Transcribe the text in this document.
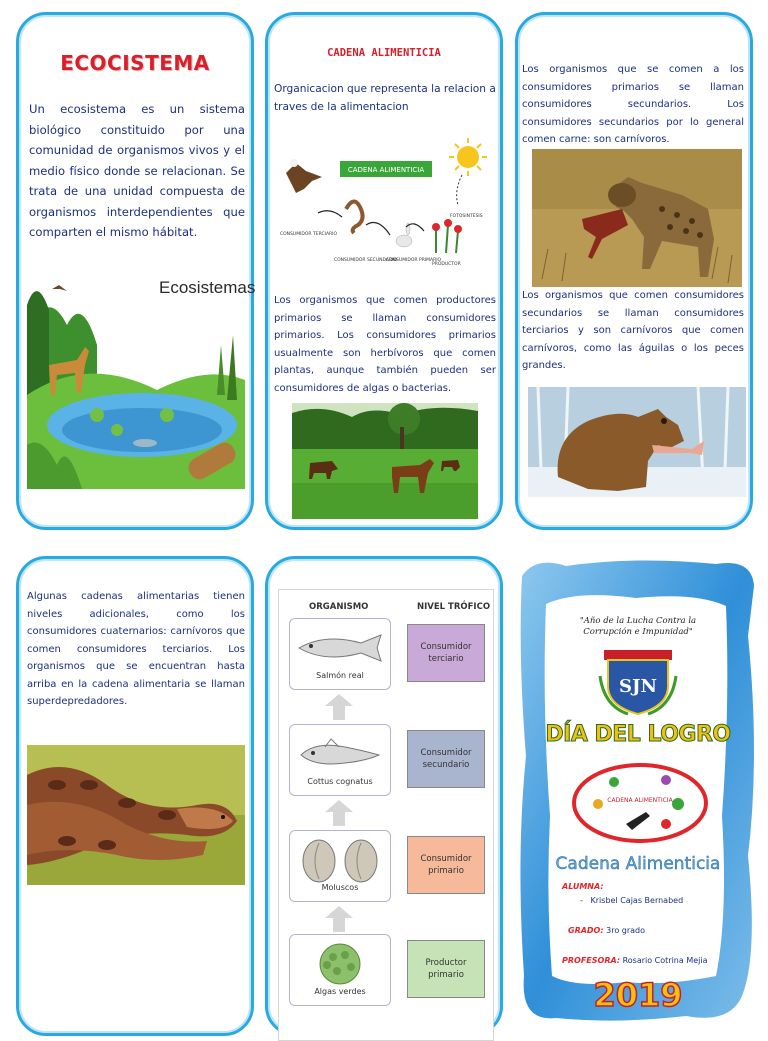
ECOCISTEMA
Un ecosistema es un sistema biológico constituido por una comunidad de organismos vivos y el medio físico donde se relacionan. Se trata de una unidad compuesta de organismos interdependientes que comparten el mismo hábitat.
Ecosistemas
CADENA ALIMENTICIA
Organicacion que representa la relacion a traves de la alimentacion
CADENA ALIMENTICIA
FOTOSINTESIS
CONSUMIDOR TERCIARIO
CONSUMIDOR SECUNDARIO
CONSUMIDOR PRIMARIO
PRODUCTOR
Los organismos que comen productores primarios se llaman consumidores primarios. Los consumidores primarios usualmente son herbívoros que comen plantas, aunque también pueden ser consumidores de algas o bacterias.
Los organismos que se comen a los consumidores primarios se llaman consumidores secundarios. Los consumidores secundarios por lo general comen carne: son carnívoros.
Los organismos que comen consumidores secundarios se llaman consumidores terciarios y son carnívoros que comen carnívoros, como las águilas o los peces grandes.
Algunas cadenas alimentarias tienen niveles adicionales, como los consumidores cuaternarios: carnívoros que comen consumidores terciarios. Los organismos que se encuentran hasta arriba en la cadena alimentaria se llaman superdepredadores.
ORGANISMO	NIVEL TRÓFICO
Salmón real
Consumidor terciario
Cottus cognatus
Consumidor secundario
Moluscos
Consumidor primario
Algas verdes
Productor primario
"Año de la Lucha Contra la Corrupción e Impunidad"
SJN
DÍA DEL LOGRO
CADENA ALIMENTICIA
Cadena Alimenticia
ALUMNA:
-   Krisbel Cajas Bernabed
GRADO: 3ro grado
PROFESORA: Rosario Cotrina Mejia
2019
